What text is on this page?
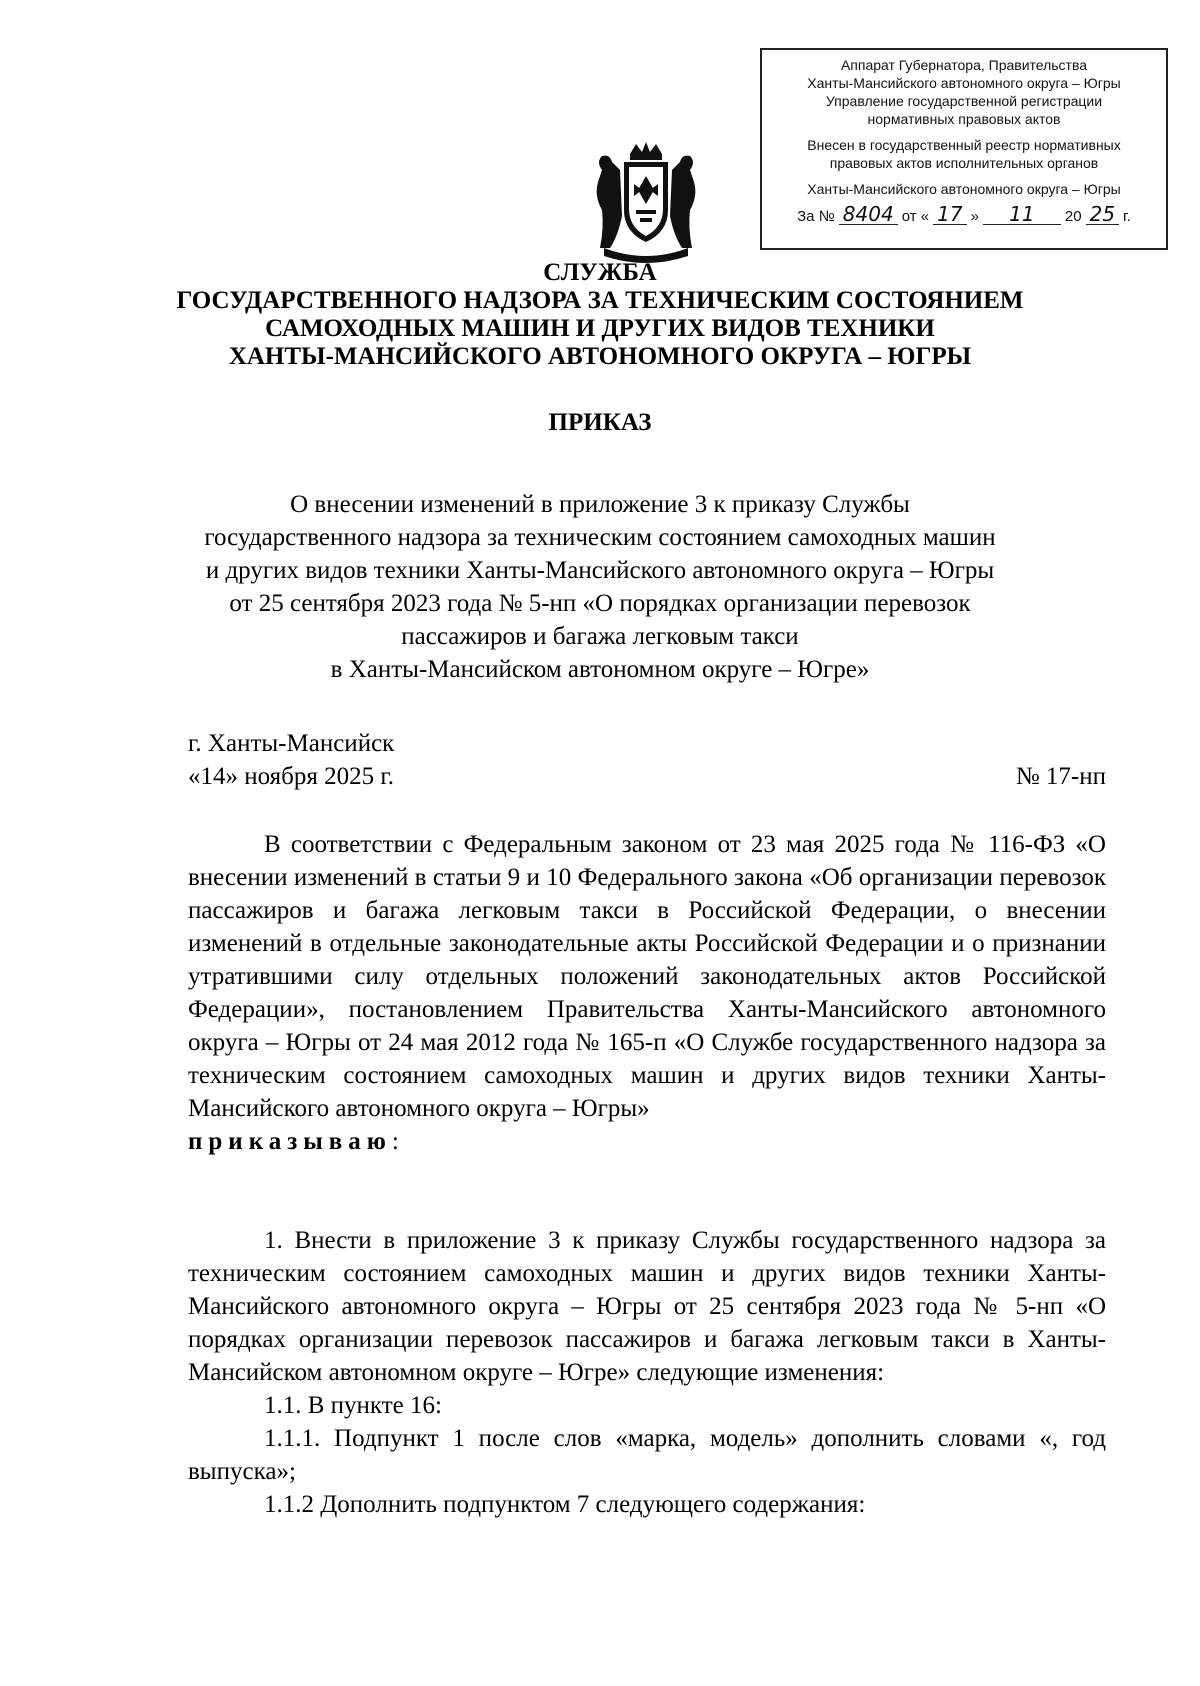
Аппарат Губернатора, Правительства
Ханты-Мансийского автономного округа – Югры
Управление государственной регистрации
нормативных правовых актов
Внесен в государственный реестр нормативных
правовых актов исполнительных органов
Ханты-Мансийского автономного округа – Югры
За № 8404 от « 17 »	11	20 25 г.
СЛУЖБА
ГОСУДАРСТВЕННОГО НАДЗОРА ЗА ТЕХНИЧЕСКИМ СОСТОЯНИЕМ
САМОХОДНЫХ МАШИН И ДРУГИХ ВИДОВ ТЕХНИКИ
ХАНТЫ-МАНСИЙСКОГО АВТОНОМНОГО ОКРУГА – ЮГРЫ
ПРИКАЗ
О внесении изменений в приложение 3 к приказу Службы
государственного надзора за техническим состоянием самоходных машин
и других видов техники Ханты-Мансийского автономного округа – Югры
от 25 сентября 2023 года № 5-нп «О порядках организации перевозок
пассажиров и багажа легковым такси
в Ханты-Мансийском автономном округе – Югре»
г. Ханты-Мансийск
«14» ноября 2025 г.	№ 17-нп

В соответствии с Федеральным законом от 23 мая 2025 года № 116-ФЗ «О внесении изменений в статьи 9 и 10 Федерального закона «Об организации перевозок пассажиров и багажа легковым такси в Российской Федерации, о внесении изменений в отдельные законодательные акты Российской Федерации и о признании утратившими силу отдельных положений законодательных актов Российской Федерации», постановлением Правительства Ханты-Мансийского автономного округа – Югры от 24 мая 2012 года № 165-п «О Службе государственного надзора за техническим состоянием самоходных машин и других видов техники Ханты-Мансийского автономного округа – Югры»
приказываю:

1. Внести в приложение 3 к приказу Службы государственного надзора за техническим состоянием самоходных машин и других видов техники Ханты-Мансийского автономного округа – Югры от 25 сентября 2023 года № 5-нп «О порядках организации перевозок пассажиров и багажа легковым такси в Ханты-Мансийском автономном округе – Югре» следующие изменения:

1.1. В пункте 16:

1.1.1. Подпункт 1 после слов «марка, модель» дополнить словами «, год выпуска»;

1.1.2 Дополнить подпунктом 7 следующего содержания:
